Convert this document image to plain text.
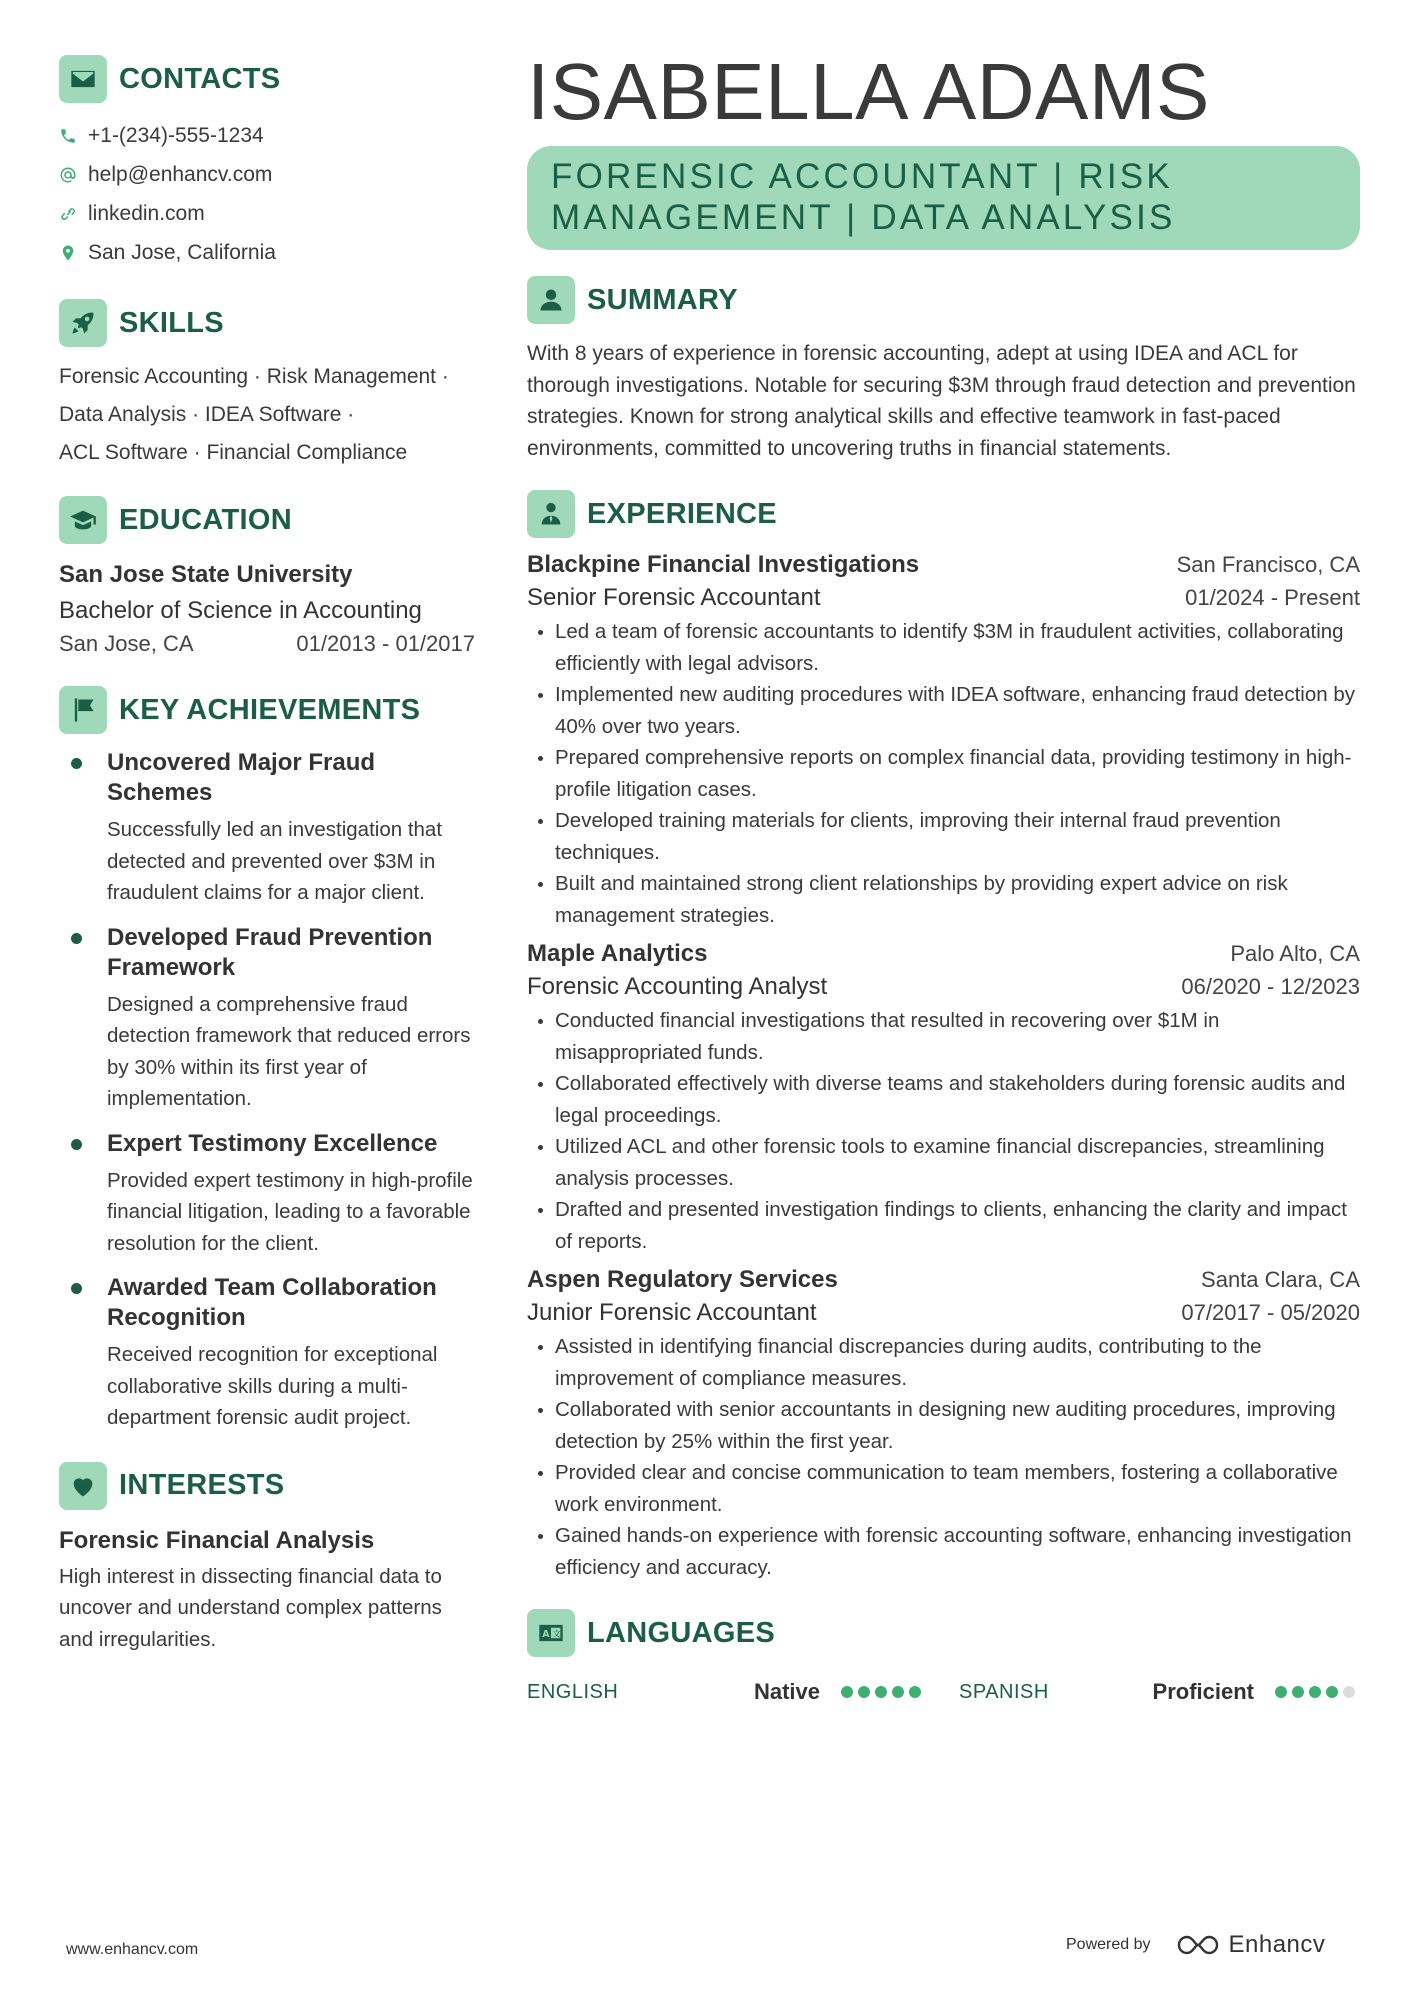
CONTACTS
+1-(234)-555-1234
help@enhancv.com
linkedin.com
San Jose, California
SKILLS
Forensic Accounting · Risk Management ·
Data Analysis · IDEA Software ·
ACL Software · Financial Compliance
EDUCATION
San Jose State University
Bachelor of Science in Accounting
San Jose, CA	01/2013 - 01/2017
KEY ACHIEVEMENTS
Uncovered Major Fraud Schemes
Successfully led an investigation that detected and prevented over $3M in fraudulent claims for a major client.
Developed Fraud Prevention Framework
Designed a comprehensive fraud detection framework that reduced errors by 30% within its first year of implementation.
Expert Testimony Excellence
Provided expert testimony in high-profile financial litigation, leading to a favorable resolution for the client.
Awarded Team Collaboration Recognition
Received recognition for exceptional collaborative skills during a multi-department forensic audit project.
INTERESTS
Forensic Financial Analysis
High interest in dissecting financial data to uncover and understand complex patterns and irregularities.
ISABELLA ADAMS
FORENSIC ACCOUNTANT | RISK
MANAGEMENT | DATA ANALYSIS
SUMMARY
With 8 years of experience in forensic accounting, adept at using IDEA and ACL for thorough investigations. Notable for securing $3M through fraud detection and prevention strategies. Known for strong analytical skills and effective teamwork in fast-paced environments, committed to uncovering truths in financial statements.
EXPERIENCE
Blackpine Financial Investigations	San Francisco, CA
Senior Forensic Accountant	01/2024 - Present
Led a team of forensic accountants to identify $3M in fraudulent activities, collaborating efficiently with legal advisors.
Implemented new auditing procedures with IDEA software, enhancing fraud detection by 40% over two years.
Prepared comprehensive reports on complex financial data, providing testimony in high-profile litigation cases.
Developed training materials for clients, improving their internal fraud prevention techniques.
Built and maintained strong client relationships by providing expert advice on risk management strategies.
Maple Analytics	Palo Alto, CA
Forensic Accounting Analyst	06/2020 - 12/2023
Conducted financial investigations that resulted in recovering over $1M in misappropriated funds.
Collaborated effectively with diverse teams and stakeholders during forensic audits and legal proceedings.
Utilized ACL and other forensic tools to examine financial discrepancies, streamlining analysis processes.
Drafted and presented investigation findings to clients, enhancing the clarity and impact of reports.
Aspen Regulatory Services	Santa Clara, CA
Junior Forensic Accountant	07/2017 - 05/2020
Assisted in identifying financial discrepancies during audits, contributing to the improvement of compliance measures.
Collaborated with senior accountants in designing new auditing procedures, improving detection by 25% within the first year.
Provided clear and concise communication to team members, fostering a collaborative work environment.
Gained hands-on experience with forensic accounting software, enhancing investigation efficiency and accuracy.
A 文 LANGUAGES
ENGLISH	Native	SPANISH	Proficient
www.enhancv.com	Powered by	Enhancv
